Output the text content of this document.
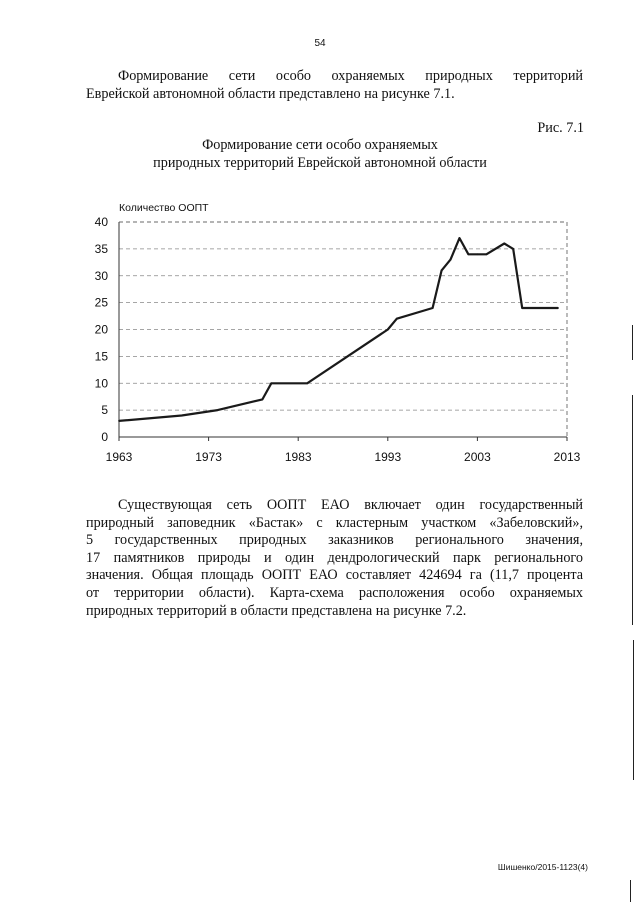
54
Формирование сети особо охраняемых природных территорий
Еврейской автономной области представлено на рисунке 7.1.
Рис. 7.1
Формирование сети особо охраняемых
природных территорий Еврейской автономной области
Количество ООПТ
0
5
10
15
20
25
30
35
40
1963	1973	1983	1993	2003	2013
Существующая сеть ООПТ ЕАО включает один государственный
природный заповедник «Бастак» с кластерным участком «Забеловский»,
5 государственных природных заказников регионального значения,
17 памятников природы и один дендрологический парк регионального
значения. Общая площадь ООПТ ЕАО составляет 424694 га (11,7 процента
от территории области). Карта-схема расположения особо охраняемых
природных территорий в области представлена на рисунке 7.2.
Шишенко/2015-1123(4)
